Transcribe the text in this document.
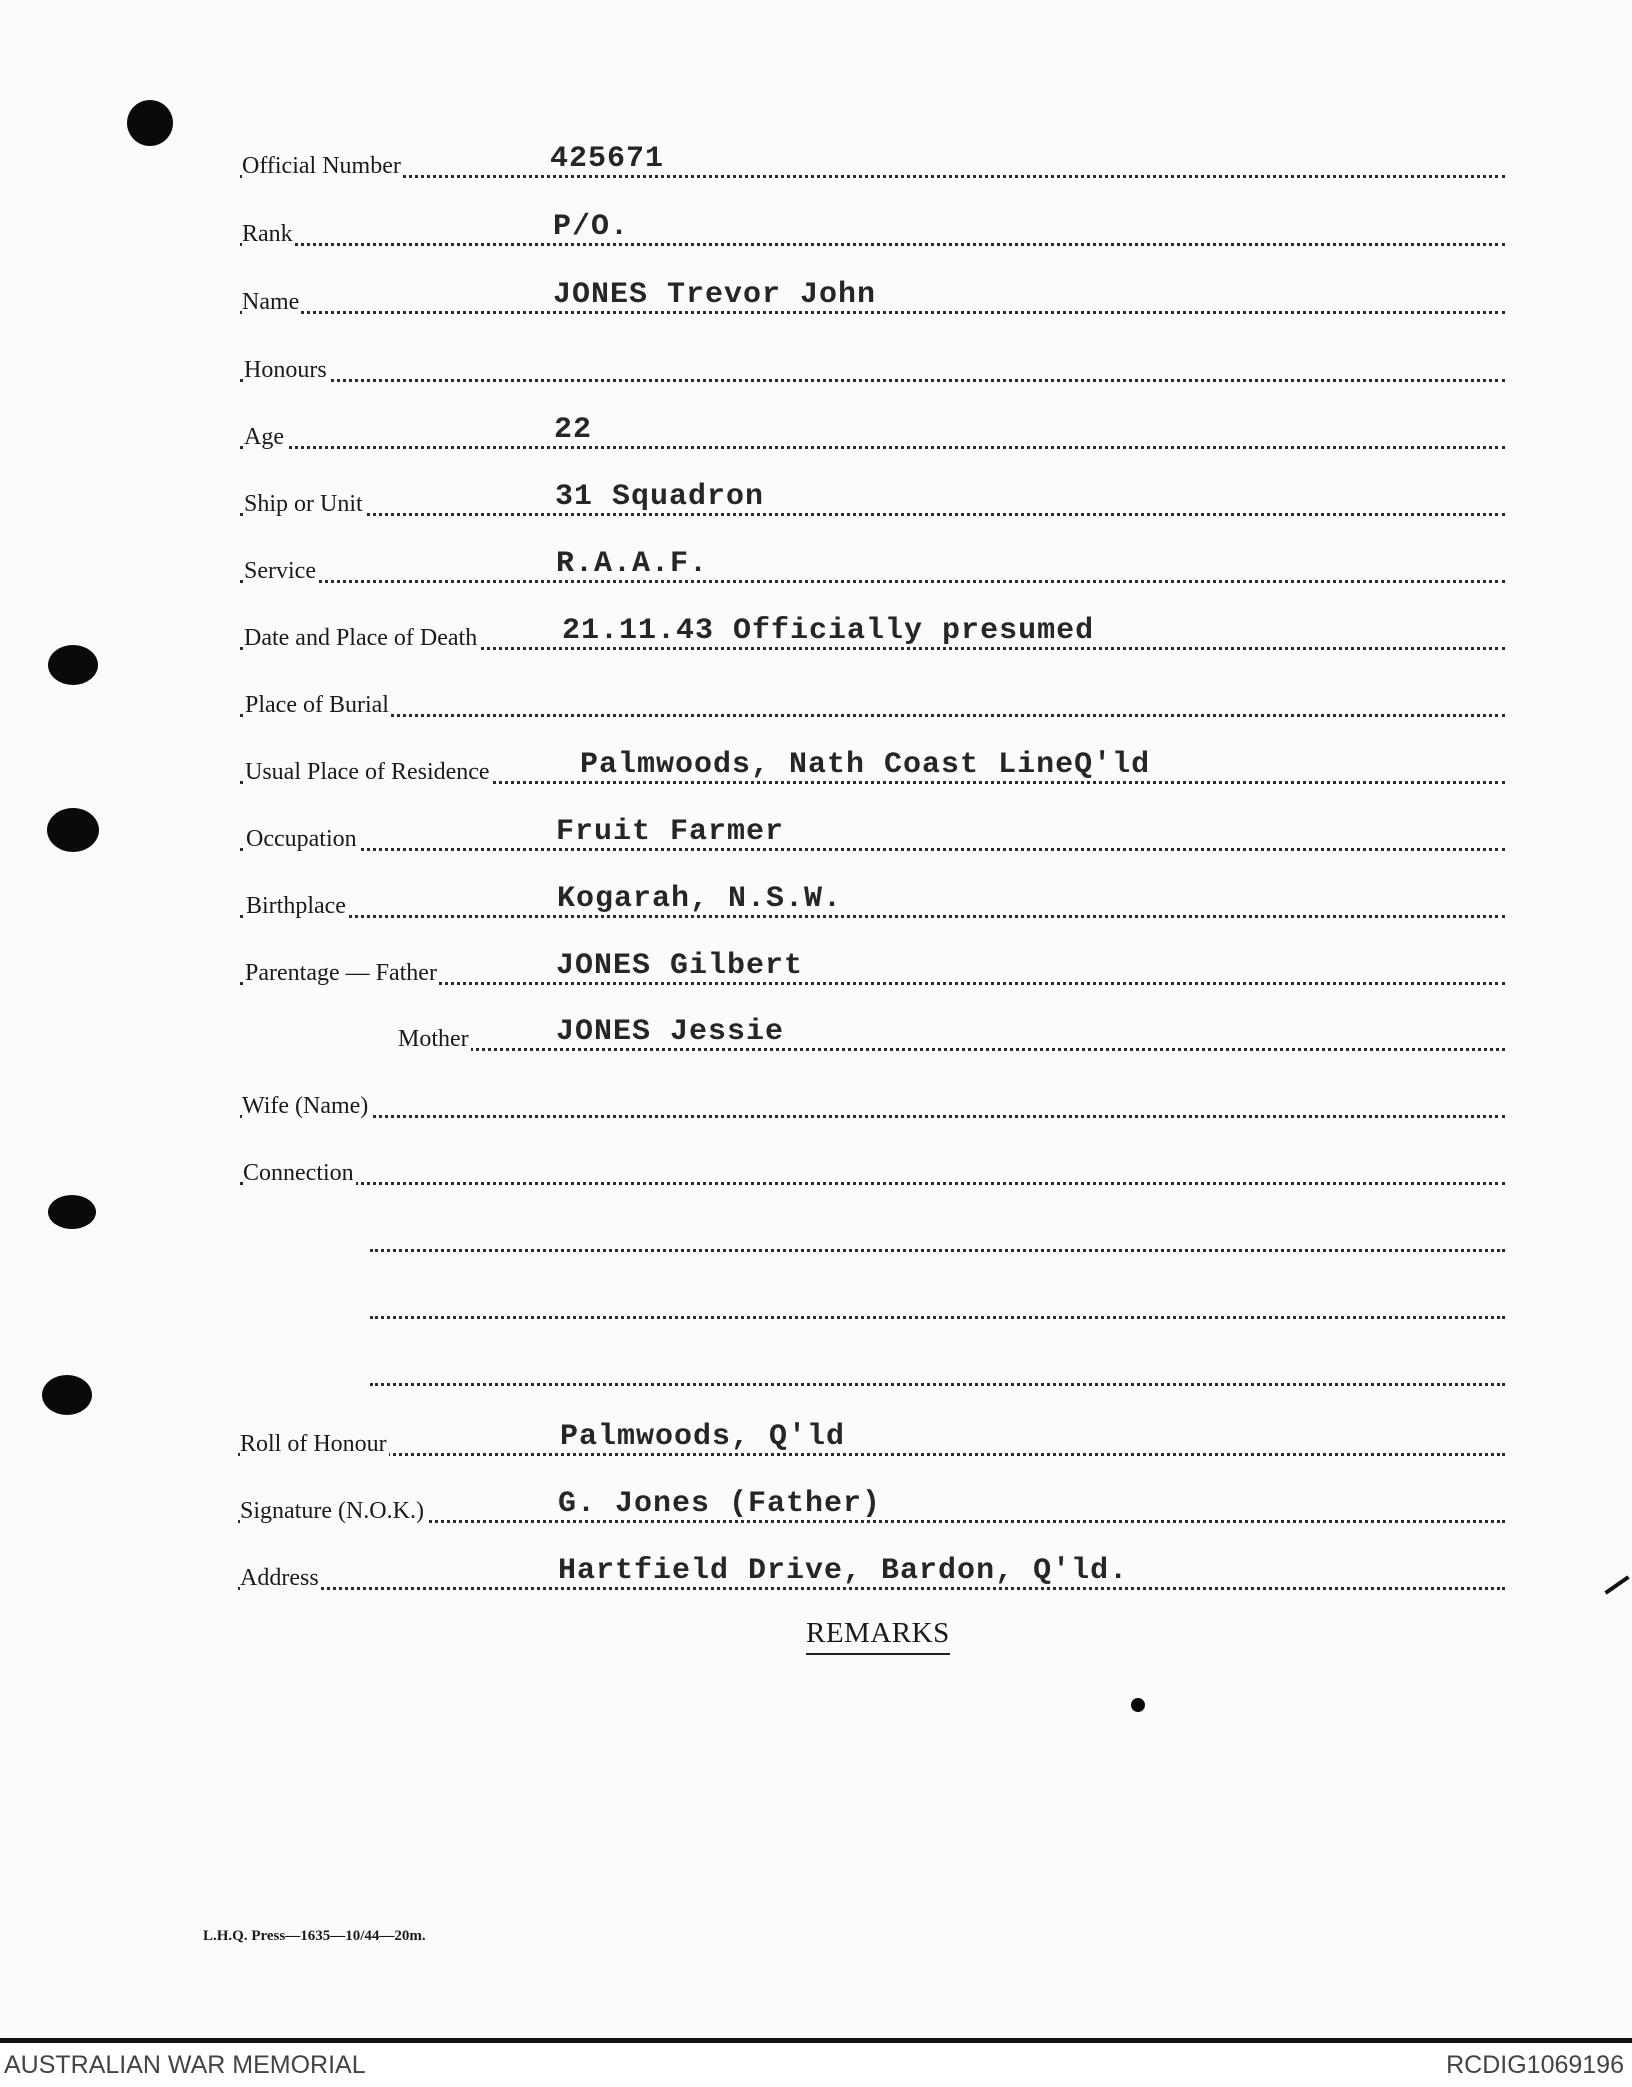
Official Number	425671
Rank	P/O.
Name	JONES Trevor John
Honours
Age	22
Ship or Unit	31 Squadron
Service	R.A.A.F.
Date and Place of Death	21.11.43 Officially presumed
Place of Burial
Usual Place of Residence	Palmwoods, Nath Coast LineQ'ld
Occupation	Fruit Farmer
Birthplace	Kogarah, N.S.W.
Parentage — Father	JONES Gilbert
Mother	JONES Jessie
Wife (Name)
Connection
Roll of Honour	Palmwoods, Q'ld
Signature (N.O.K.)	G. Jones (Father)
Address	Hartfield Drive, Bardon, Q'ld.
REMARKS
L.H.Q. Press—1635—10/44—20m.
AUSTRALIAN WAR MEMORIAL	RCDIG1069196
